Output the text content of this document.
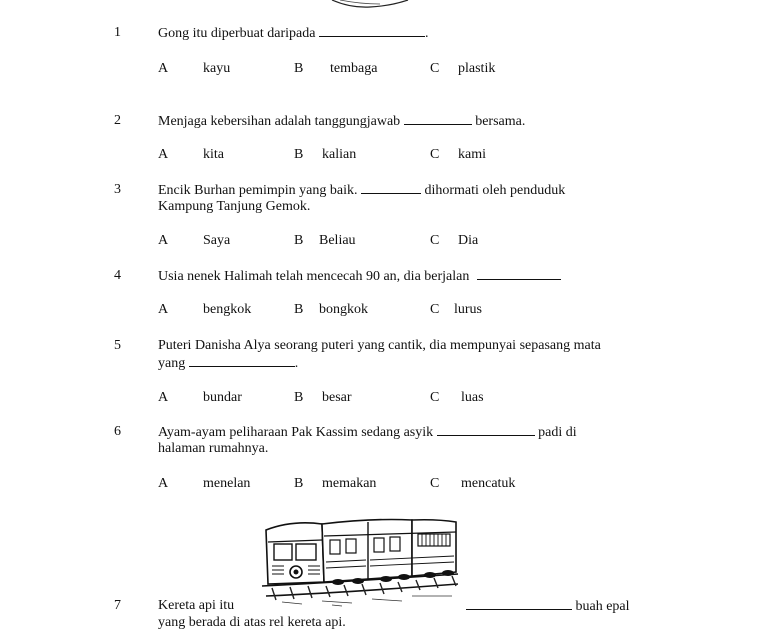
1	Gong itu diperbuat daripada	.
A kayu	B tembaga	C plastik
2	Menjaga kebersihan adalah tanggungjawab	bersama.
A kita	B kalian	C kami
3	Encik Burhan pemimpin yang baik.	dihormati oleh penduduk
Kampung Tanjung Gemok.
A Saya	B Beliau	C Dia
4	Usia nenek Halimah telah mencecah 90 an, dia berjalan
A bengkok	B bongkok	C lurus
5	Puteri Danisha Alya seorang puteri yang cantik, dia mempunyai sepasang mata
yang	.
A bundar	B besar	C luas
6	Ayam-ayam peliharaan Pak Kassim sedang asyik	padi di
halaman rumahnya.
A menelan	B memakan	C mencatuk
7	Kereta api itu	buah epal
yang berada di atas rel kereta api.
